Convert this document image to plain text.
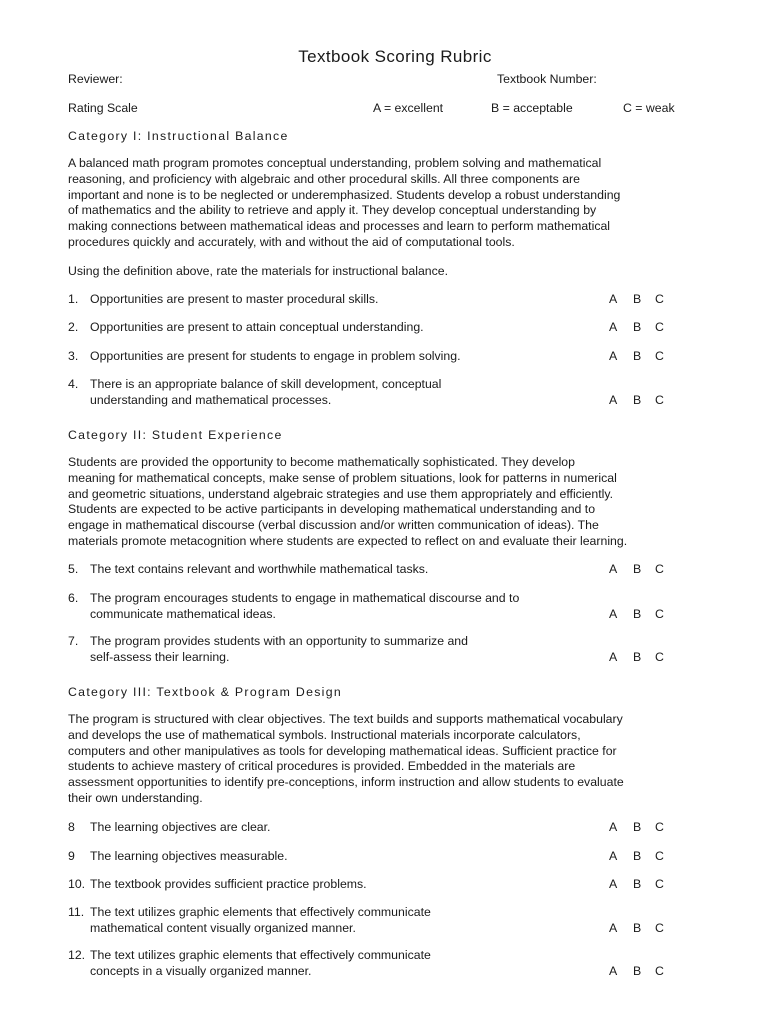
Textbook Scoring Rubric
Reviewer:	Textbook Number:
Rating Scale	A = excellent	B = acceptable	C = weak
Category I: Instructional Balance
A balanced math program promotes conceptual understanding, problem solving and mathematical
reasoning, and proficiency with algebraic and other procedural skills. All three components are
important and none is to be neglected or underemphasized. Students develop a robust understanding
of mathematics and the ability to retrieve and apply it. They develop conceptual understanding by
making connections between mathematical ideas and processes and learn to perform mathematical
procedures quickly and accurately, with and without the aid of computational tools.
Using the definition above, rate the materials for instructional balance.
1. Opportunities are present to master procedural skills.	A B C
2. Opportunities are present to attain conceptual understanding.	A B C
3. Opportunities are present for students to engage in problem solving.	A B C
4. There is an appropriate balance of skill development, conceptual
understanding and mathematical processes.	A B C
Category II: Student Experience
Students are provided the opportunity to become mathematically sophisticated. They develop
meaning for mathematical concepts, make sense of problem situations, look for patterns in numerical
and geometric situations, understand algebraic strategies and use them appropriately and efficiently.
Students are expected to be active participants in developing mathematical understanding and to
engage in mathematical discourse (verbal discussion and/or written communication of ideas). The
materials promote metacognition where students are expected to reflect on and evaluate their learning.
5. The text contains relevant and worthwhile mathematical tasks.	A B C
6. The program encourages students to engage in mathematical discourse and to
communicate mathematical ideas.	A B C
7. The program provides students with an opportunity to summarize and
self-assess their learning.	A B C
Category III: Textbook & Program Design
The program is structured with clear objectives. The text builds and supports mathematical vocabulary
and develops the use of mathematical symbols. Instructional materials incorporate calculators,
computers and other manipulatives as tools for developing mathematical ideas. Sufficient practice for
students to achieve mastery of critical procedures is provided. Embedded in the materials are
assessment opportunities to identify pre-conceptions, inform instruction and allow students to evaluate
their own understanding.
8 The learning objectives are clear.	A B C
9 The learning objectives measurable.	A B C
10. The textbook provides sufficient practice problems.	A B C
11. The text utilizes graphic elements that effectively communicate
mathematical content visually organized manner.	A B C
12. The text utilizes graphic elements that effectively communicate
concepts in a visually organized manner.	A B C
